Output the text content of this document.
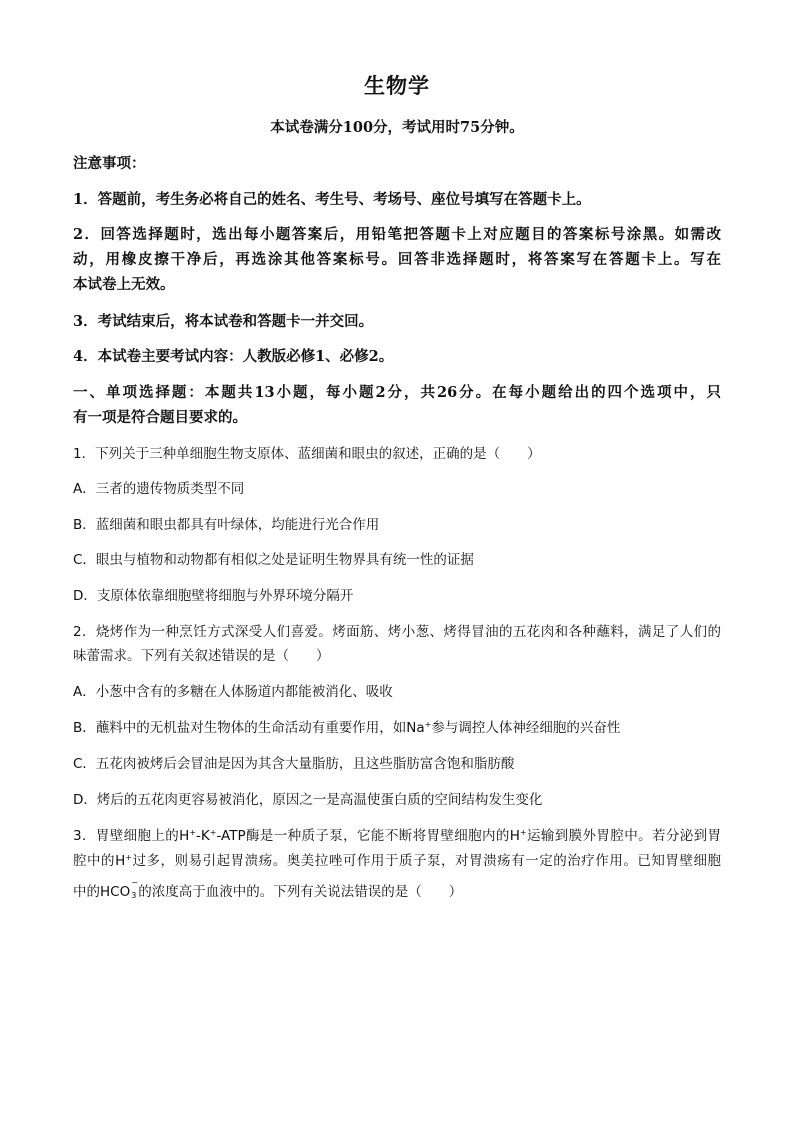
生物学
本试卷满分100分，考试用时75分钟。
注意事项：
1．答题前，考生务必将自己的姓名、考生号、考场号、座位号填写在答题卡上。
2．回答选择题时，选出每小题答案后，用铅笔把答题卡上对应题目的答案标号涂黑。如需改
动，用橡皮擦干净后，再选涂其他答案标号。回答非选择题时，将答案写在答题卡上。写在
本试卷上无效。
3．考试结束后，将本试卷和答题卡一并交回。
4．本试卷主要考试内容：人教版必修1、必修2。
一、单项选择题：本题共13小题，每小题2分，共26分。在每小题给出的四个选项中，只
有一项是符合题目要求的。
1．下列关于三种单细胞生物支原体、蓝细菌和眼虫的叙述，正确的是（　　）
A．三者的遗传物质类型不同
B．蓝细菌和眼虫都具有叶绿体，均能进行光合作用
C．眼虫与植物和动物都有相似之处是证明生物界具有统一性的证据
D．支原体依靠细胞壁将细胞与外界环境分隔开
2．烧烤作为一种烹饪方式深受人们喜爱。烤面筋、烤小葱、烤得冒油的五花肉和各种蘸料，满足了人们的
味蕾需求。下列有关叙述错误的是（　　）
A．小葱中含有的多糖在人体肠道内都能被消化、吸收
B．蘸料中的无机盐对生物体的生命活动有重要作用，如Na+参与调控人体神经细胞的兴奋性
C．五花肉被烤后会冒油是因为其含大量脂肪，且这些脂肪富含饱和脂肪酸
D．烤后的五花肉更容易被消化，原因之一是高温使蛋白质的空间结构发生变化
3．胃壁细胞上的H+-K+-ATP酶是一种质子泵，它能不断将胃壁细胞内的H+运输到膜外胃腔中。若分泌到胃
腔中的H+过多，则易引起胃溃疡。奥美拉唑可作用于质子泵，对胃溃疡有一定的治疗作用。已知胃壁细胞
中的HCO
−
3 的浓度高于血液中的。下列有关说法错误的是（　　）
